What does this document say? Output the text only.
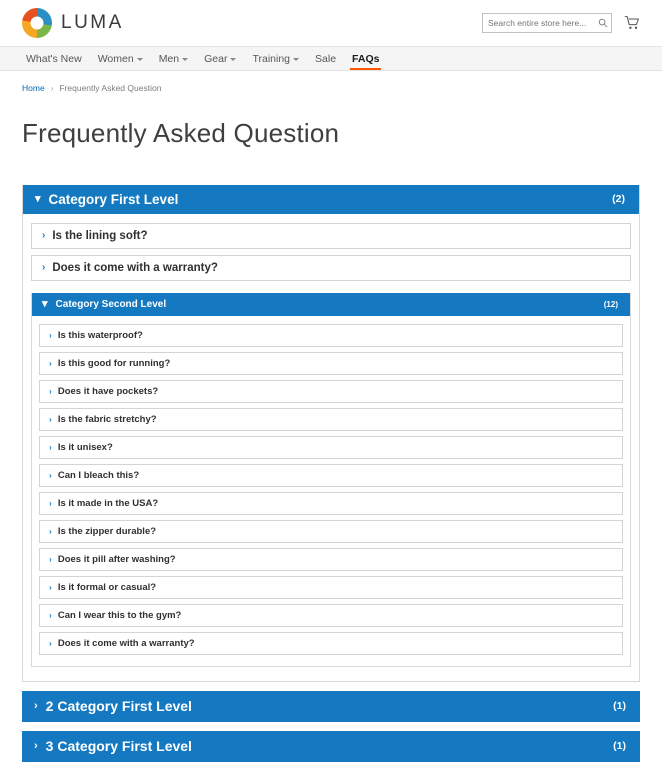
LUMA
Search entire store here...
What's New Women Men Gear Training Sale FAQs
Home › Frequently Asked Question
Frequently Asked Question
▾ Category First Level	(2)
› Is the lining soft?
› Does it come with a warranty?
▾ Category Second Level	(12)
› Is this waterproof?
› Is this good for running?
› Does it have pockets?
› Is the fabric stretchy?
› Is it unisex?
› Can I bleach this?
› Is it made in the USA?
› Is the zipper durable?
› Does it pill after washing?
› Is it formal or casual?
› Can I wear this to the gym?
› Does it come with a warranty?
› 2 Category First Level	(1)
› 3 Category First Level	(1)
